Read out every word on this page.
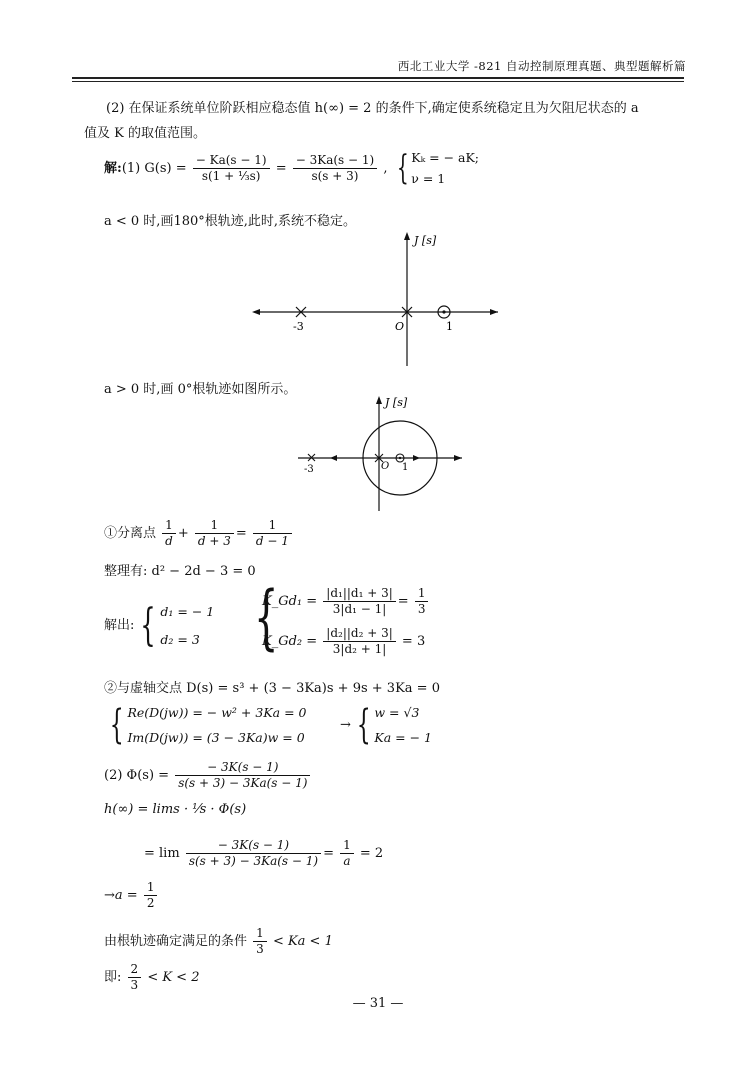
西北工业大学 -821 自动控制原理真题、典型题解析篇
(2) 在保证系统单位阶跃相应稳态值 h(∞) = 2 的条件下,确定使系统稳定且为欠阻尼状态的 a
值及 K 的取值范围。
解:(1) $G(s) = \frac{- Ka(s - 1)}{\text{s(1 + ⅓s)}} = \frac{- 3Ka(s - 1)}{s(s + 3)}$ , { Kₖ = − aK;
ν = 1
a < 0 时,画180°根轨迹,此时,系统不稳定。
J [s]
-3	O	1
a > 0 时,画 0°根轨迹如图所示。
J [s]
-3	O 1
①分离点 $\frac{1}{d} + \frac{1}{d + 3} = \frac{1}{d - 1}$
整理有: d² − 2d − 3 = 0
解出: { d₁ = − 1
d₂ = 3 {
K_Gd₁ = $\frac{\text{|d₁||d₁ + 3|}}{\text{3|d₁ − 1|}} = \frac{1}{3}$
K_Gd₂ = $\frac{\text{|d₂||d₂ + 3|}}{\text{3|d₂ + 1|}} = 3$
②与虚轴交点 D(s) = s³ + (3 − 3Ka)s + 9s + 3Ka = 0
{ Re(D(jw)) = − w² + 3Ka = 0
Im(D(jw)) = (3 − 3Ka)w = 0
→ { w = √3
Ka = − 1
(2) $\Phi(s) = \frac{- 3K(s - 1)}{s(s + 3) - 3Ka(s - 1)}$
h(∞) = lims · ⅟s · Φ(s)
= $\lim \frac{- 3K(s - 1)}{s(s + 3) - 3Ka(s - 1)} = \frac{1}{a} = 2$
$\to a = \frac{1}{2}$
由根轨迹确定满足的条件 $\frac{1}{3} < Ka < 1$
即: $\frac{2}{3} < K < 2$
— 31 —
